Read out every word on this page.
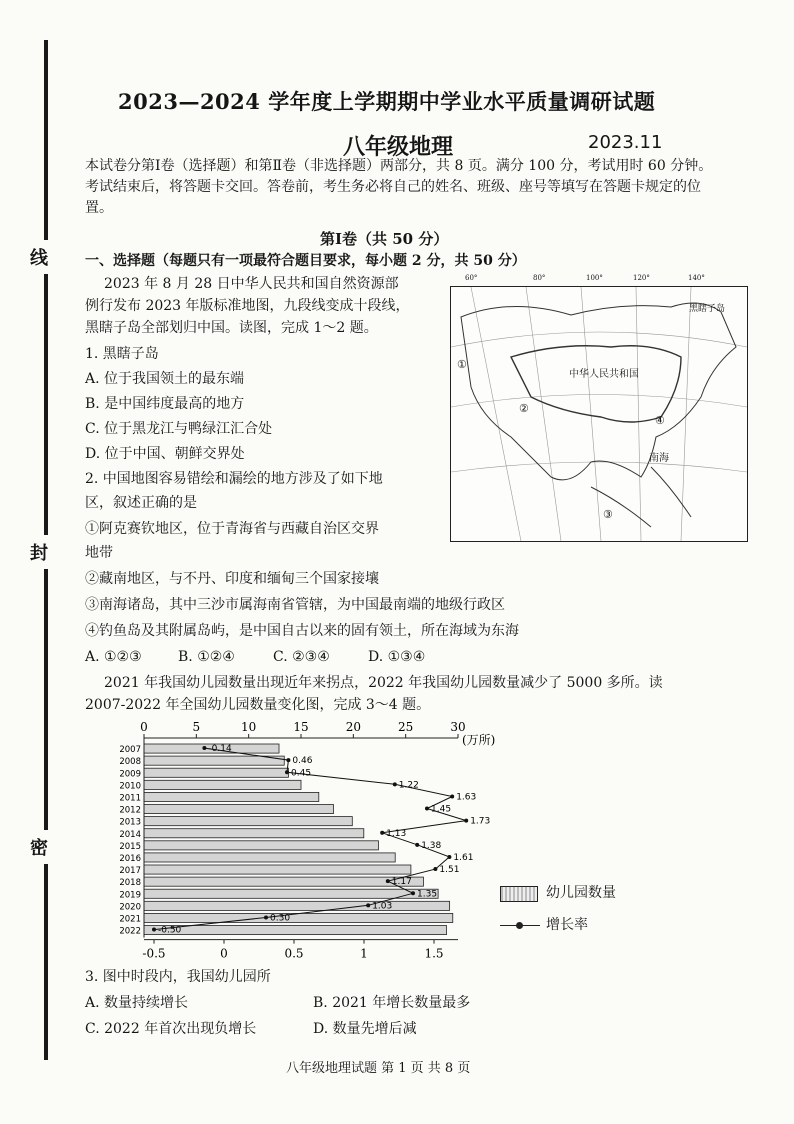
线
封
密
2023—2024 学年度上学期期中学业水平质量调研试题
八年级地理	2023.11
本试卷分第Ⅰ卷（选择题）和第Ⅱ卷（非选择题）两部分，共 8 页。满分 100 分，考试用时 60 分钟。考试结束后，将答题卡交回。答卷前，考生务必将自己的姓名、班级、座号等填写在答题卡规定的位置。
第Ⅰ卷（共 50 分）
一、选择题（每题只有一项最符合题目要求，每小题 2 分，共 50 分）
2023 年 8 月 28 日中华人民共和国自然资源部
例行发布 2023 年版标准地图，九段线变成十段线，
黑瞎子岛全部划归中国。读图，完成 1～2 题。
1. 黑瞎子岛
A. 位于我国领土的最东端
B. 是中国纬度最高的地方
C. 位于黑龙江与鸭绿江汇合处
D. 位于中国、朝鲜交界处
2. 中国地图容易错绘和漏绘的地方涉及了如下地
区，叙述正确的是
①阿克赛钦地区，位于青海省与西藏自治区交界
地带
②藏南地区，与不丹、印度和缅甸三个国家接壤
③南海诸岛，其中三沙市属海南省管辖，为中国最南端的地级行政区
④钓鱼岛及其附属岛屿，是中国自古以来的固有领土，所在海域为东海
A. ①②③	B. ①②④	C. ②③④	D. ①③④
60°	80°	100°	120°	140°
黑瞎子岛
中华人民共和国
南海
①
②
③
④
2021 年我国幼儿园数量出现近年来拐点，2022 年我国幼儿园数量减少了 5000 多所。读
2007-2022 年全国幼儿园数量变化图，完成 3～4 题。
0	5	10	15	20	25	30
(万所)
2007
2008
2009
2010
2011
2012
2013
2014
2015
2016
2017
2018
2019
2020
2021
2022
-0.14
0.46
0.45
1.22
1.63
1.45
1.73
1.13
1.38
1.61
1.51
1.17
1.35
1.03
0.30
-0.50
-0.5	0	0.5	1	1.5
幼儿园数量
增长率
3. 图中时段内，我国幼儿园所
A. 数量持续增长	B. 2021 年增长数量最多
C. 2022 年首次出现负增长	D. 数量先增后减
八年级地理试题 第 1 页 共 8 页
